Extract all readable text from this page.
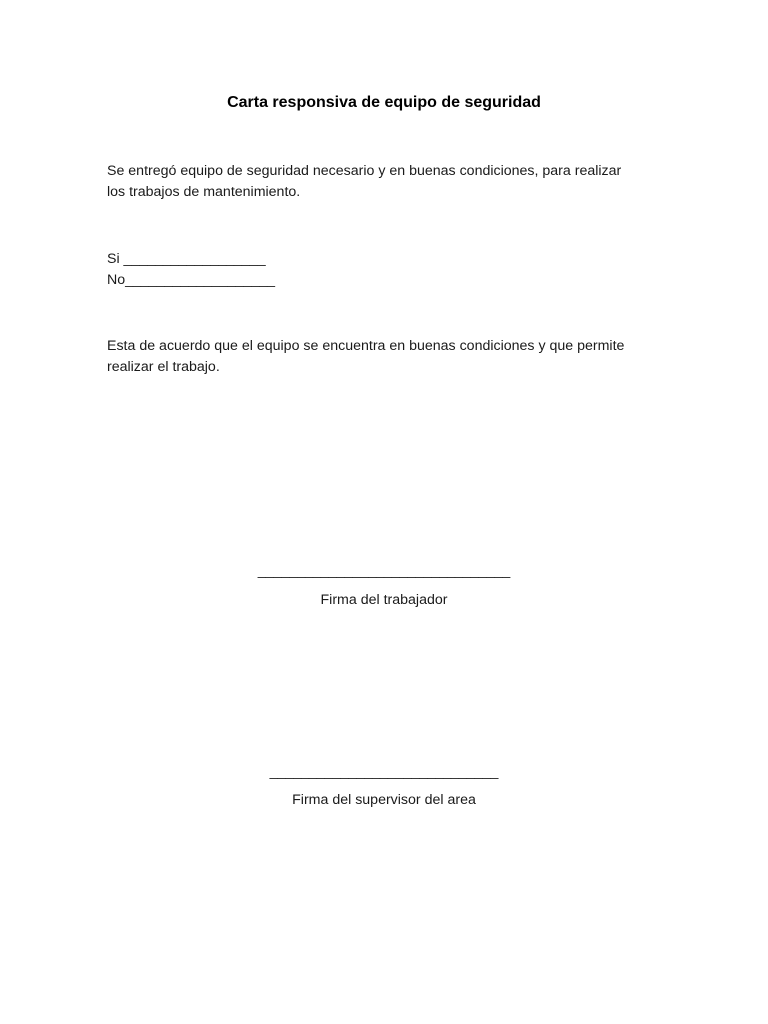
Carta responsiva de equipo de seguridad
Se entregó equipo de seguridad necesario y en buenas condiciones, para realizar
los trabajos de mantenimiento.
Si __________________
No___________________
Esta de acuerdo que el equipo se encuentra en buenas condiciones y que permite
realizar el trabajo.
________________________________
Firma del trabajador
_____________________________
Firma del supervisor del area
